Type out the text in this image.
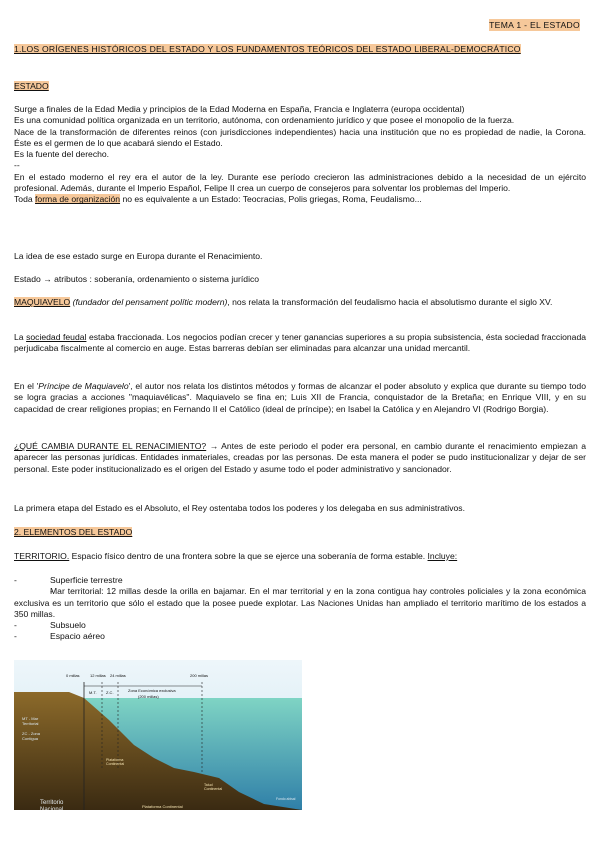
TEMA 1 - EL ESTADO
1.LOS ORÍGENES HISTÓRICOS DEL ESTADO Y LOS FUNDAMENTOS TEÓRICOS DEL ESTADO LIBERAL-DEMOCRÁTICO
ESTADO

Surge a finales de la Edad Media y principios de la Edad Moderna en España, Francia e Inglaterra (europa occidental)

Es una comunidad política organizada en un territorio, autónoma, con ordenamiento jurídico y que posee el monopolio de la fuerza.

Nace de la transformación de diferentes reinos (con jurisdicciones independientes) hacia una institución que no es propiedad de nadie, la Corona. Éste es el germen de lo que acabará siendo el Estado.

Es la fuente del derecho.

--

En el estado moderno el rey era el autor de la ley. Durante ese período crecieron las administraciones debido a la necesidad de un ejército profesional. Además, durante el Imperio Español, Felipe II crea un cuerpo de consejeros para solventar los problemas del Imperio.

Toda forma de organización no es equivalente a un Estado: Teocracias, Polis griegas, Roma, Feudalismo...

La idea de ese estado surge en Europa durante el Renacimiento.
Estado → atributos : soberanía, ordenamiento o sistema jurídico
MAQUIAVELO (fundador del pensament polític modern), nos relata la transformación del feudalismo hacia el absolutismo durante el siglo XV.
La sociedad feudal estaba fraccionada. Los negocios podían crecer y tener ganancias superiores a su propia subsistencia, ésta sociedad fraccionada perjudicaba fiscalmente al comercio en auge. Estas barreras debían ser eliminadas para alcanzar una unidad mercantil.
En el 'Príncipe de Maquiavelo', el autor nos relata los distintos métodos y formas de alcanzar el poder absoluto y explica que durante su tiempo todo se logra gracias a acciones "maquiavélicas". Maquiavelo se fina en; Luis XII de Francia, conquistador de la Bretaña; en Enrique VIII, y en su capacidad de crear religiones propias; en Fernando II el Católico (ideal de príncipe); en Isabel la Católica y en Alejandro VI (Rodrigo Borgia).
¿QUÉ CAMBIA DURANTE EL RENACIMIENTO? → Antes de este periodo el poder era personal, en cambio durante el renacimiento empiezan a aparecer las personas jurídicas. Entidades inmateriales, creadas por las personas. De esta manera el poder se pudo institucionalizar y dejar de ser personal. Este poder institucionalizado es el origen del Estado y asume todo el poder administrativo y sancionador.
La primera etapa del Estado es el Absoluto, el Rey ostentaba todos los poderes y los delegaba en sus administrativos.
2. ELEMENTOS DEL ESTADO
TERRITORIO. Espacio físico dentro de una frontera sobre la que se ejerce una soberanía de forma estable. Incluye:
- Superficie terrestre
- Mar territorial: 12 millas desde la orilla en bajamar. En el mar territorial y en la zona contigua hay controles policiales y la zona económica exclusiva es un territorio que sólo el estado que la posee puede explotar. Las Naciones Unidas han ampliado el territorio marítimo de los estados a 350 millas.
- Subsuelo
- Espacio aéreo
0 millas	12 millas 24 millas	200 millas
M.T. Z.C.	Zona Económica exclusiva
(200 millas)
MT - Mar
Territorial
ZC - Zona
Contigua
Plataforma
Continental
Talud
Continental
Territorio
Nacional
Plataforma Continental
Fondo abisal
